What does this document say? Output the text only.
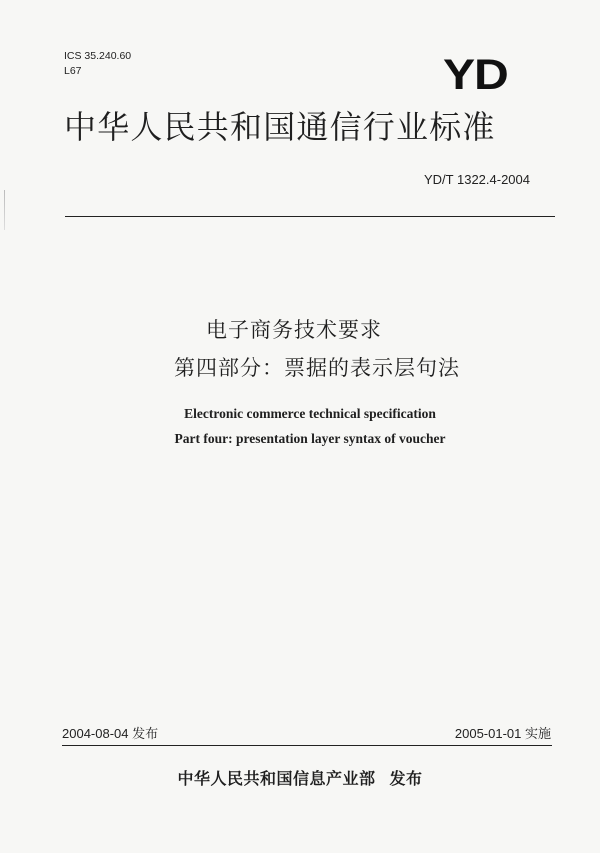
ICS 35.240.60
L67	YD
中华人民共和国通信行业标准
YD/T 1322.4-2004
电子商务技术要求
第四部分：票据的表示层句法
Electronic commerce technical specification
Part four: presentation layer syntax of voucher
2004-08-04 发布	2005-01-01 实施
中华人民共和国信息产业部 发布
